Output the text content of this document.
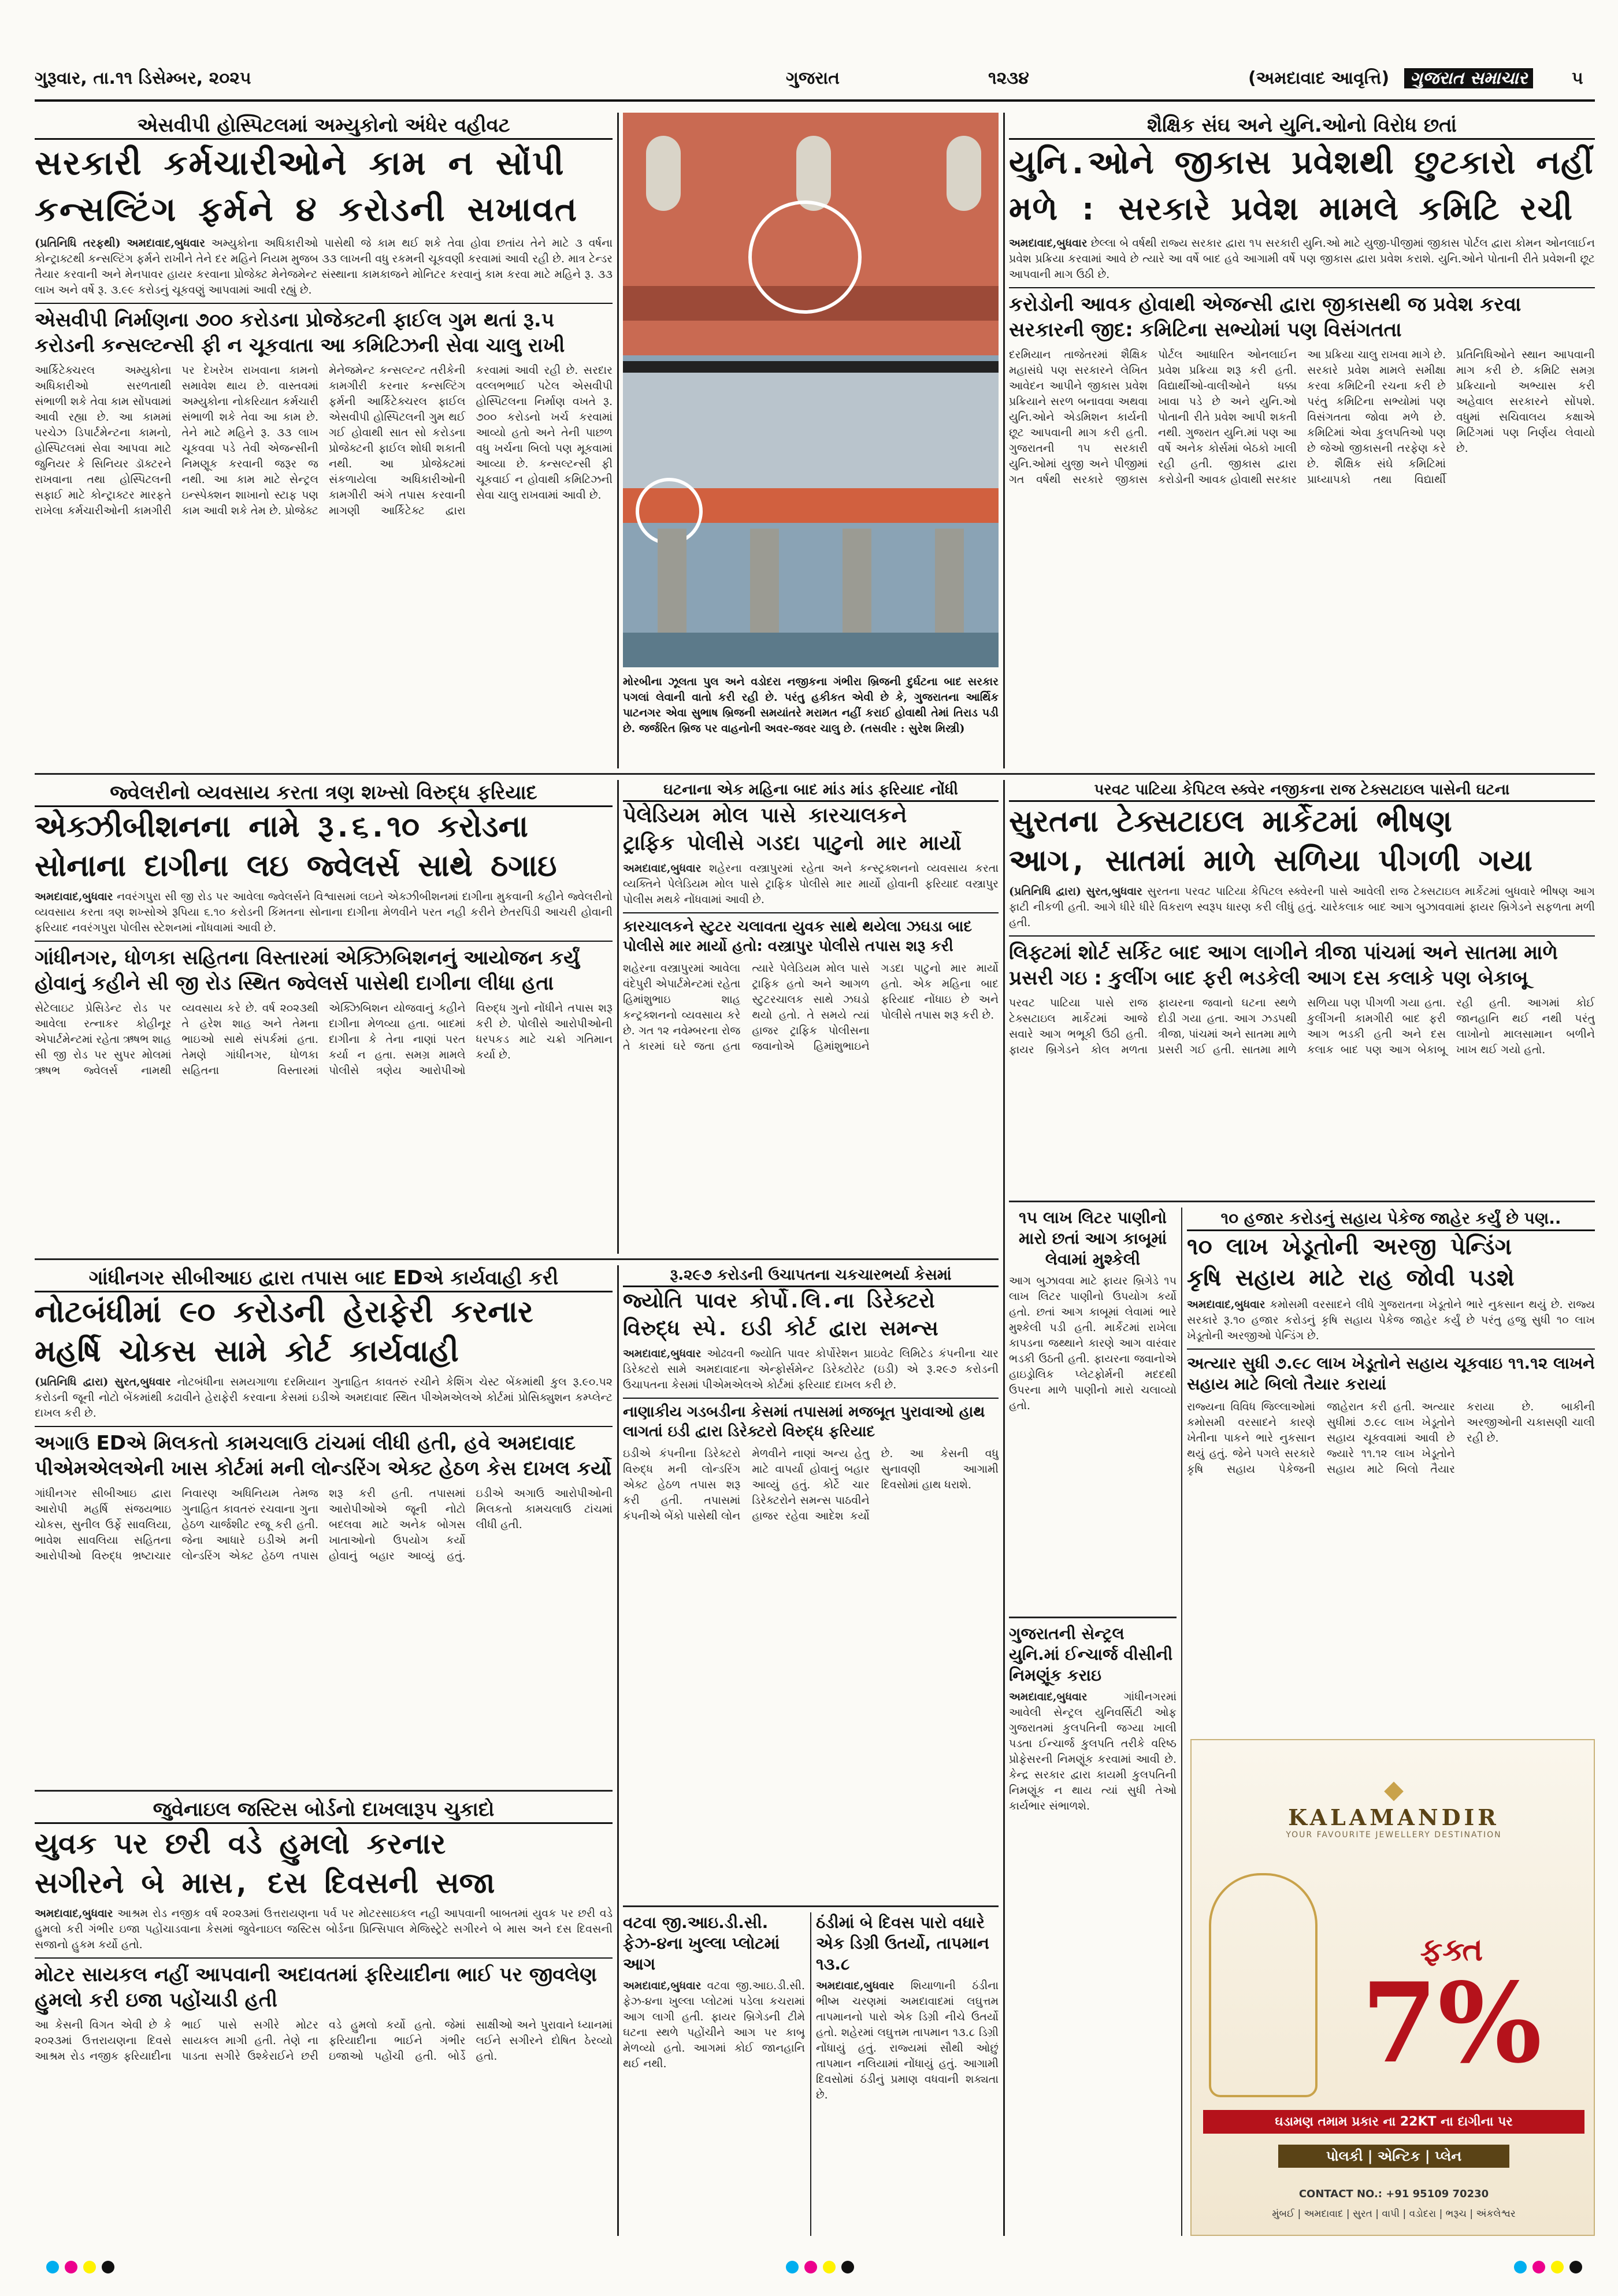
ગુરૂવાર, તા.૧૧ ડિસેમ્બર, ૨૦૨૫	ગુજરાત	૧૨૩૪	(અમદાવાદ આવૃત્તિ)	ગુજરાત સમાચાર	૫
એસવીપી હોસ્પિટલમાં અમ્યુકોનો અંધેર વહીવટ
સરકારી કર્મચારીઓને કામ ન સોંપી
કન્સલ્ટિંગ ફર્મને ૪ કરોડની સખાવત
(પ્રતિનિધિ તરફથી) અમદાવાદ,બુધવાર અમ્યુકોના અધિકારીઓ પાસેથી જે કામ થઈ શકે તેવા હોવા છતાંય તેને માટે ૩ વર્ષના કોન્ટ્રાક્ટથી કન્સલ્ટિંગ ફર્મને રાખીને તેને દર મહિને નિયમ મુજબ ૩૩ લાખની વધુ રકમની ચૂકવણી કરવામાં આવી રહી છે. માત્ર ટેન્ડર તૈયાર કરવાની અને મેનપાવર હાયર કરવાના પ્રોજેક્ટ મેનેજમેન્ટ સંસ્થાના કામકાજને મોનિટર કરવાનું કામ કરવા માટે મહિને રૂ. ૩૩ લાખ અને વર્ષે રૂ. ૩.૯૯ કરોડનું ચૂકવણું આપવામાં આવી રહ્યું છે.
એસવીપી નિર્માણના ૭૦૦ કરોડના પ્રોજેક્ટની ફાઈલ ગુમ થતાં રૂ.૫ કરોડની કન્સલ્ટન્સી ફી ન ચૂકવાતા આ કમિટિઝની સેવા ચાલુ રાખી
આર્કિટેક્ચરલ અમ્યુકોના અધિકારીઓ સરળતાથી સંભાળી શકે તેવા કામ સોંપવામાં આવી રહ્યા છે. આ કામમાં પરચેઝ ડિપાર્ટમેન્ટના કામનો, હોસ્પિટલમાં સેવા આપવા માટે જુનિયર કે સિનિયર ડૉક્ટરને રાખવાના તથા હોસ્પિટલની સફાઈ માટે કોન્ટ્રાક્ટર મારફતે રાખેલા કર્મચારીઓની કામગીરી પર દેખરેખ રાખવાના કામનો સમાવેશ થાય છે. વાસ્તવમાં અમ્યુકોના નોકરિયાત કર્મચારી સંભાળી શકે તેવા આ કામ છે. તેને માટે મહિને રૂ. ૩૩ લાખ ચૂકવવા પડે તેવી એજન્સીની નિમણૂક કરવાની જરૂર જ નથી. આ કામ માટે સેન્ટ્રલ ઇન્સ્પેક્શન શાખાનો સ્ટાફ પણ કામ આવી શકે તેમ છે. પ્રોજેક્ટ મેનેજમેન્ટ કન્સલ્ટન્ટ તરીકેની કામગીરી કરનાર કન્સલ્ટિંગ ફર્મની આર્કિટેક્ચરલ ફાઈલ એસવીપી હોસ્પિટલની ગુમ થઈ ગઈ હોવાથી સાત સો કરોડના પ્રોજેક્ટની ફાઈલ શોધી શકાતી નથી. આ પ્રોજેક્ટમાં સંકળાયેલા અધિકારીઓની કામગીરી અંગે તપાસ કરવાની માગણી આર્કિટેક્ટ દ્વારા કરવામાં આવી રહી છે. સરદાર વલ્લભભાઈ પટેલ એસવીપી હોસ્પિટલના નિર્માણ વખતે રૂ. ૭૦૦ કરોડનો ખર્ચ કરવામાં આવ્યો હતો અને તેની પાછળ વધુ ખર્ચના બિલો પણ મૂકવામાં આવ્યા છે. કન્સલ્ટન્સી ફી ચૂકવાઈ ન હોવાથી કમિટિઝની સેવા ચાલુ રાખવામાં આવી છે.
મોરબીના ઝૂલતા પુલ અને વડોદરા નજીકના ગંભીરા બ્રિજની દુર્ઘટના બાદ સરકાર પગલાં લેવાની વાતો કરી રહી છે. પરંતુ હકીકત એવી છે કે, ગુજરાતના આર્થિક પાટનગર એવા સુભાષ બ્રિજની સમયાંતરે મરામત નહીં કરાઈ હોવાથી તેમાં તિરાડ પડી છે. જર્જરિત બ્રિજ પર વાહનોની અવર-જવર ચાલુ છે. (તસવીર : સુરેશ મિસ્ત્રી)
શૈક્ષિક સંઘ અને યુનિ.ઓનો વિરોધ છતાં
યુનિ.ઓને જીકાસ પ્રવેશથી છુટકારો નહીં
મળે : સરકારે પ્રવેશ મામલે કમિટિ રચી
અમદાવાદ,બુધવાર છેલ્લા બે વર્ષથી રાજ્ય સરકાર દ્વારા ૧૫ સરકારી યુનિ.ઓ માટે યુજી-પીજીમાં જીકાસ પોર્ટલ દ્વારા કોમન ઓનલાઈન પ્રવેશ પ્રક્રિયા કરવામાં આવે છે ત્યારે આ વર્ષે બાદ હવે આગામી વર્ષે પણ જીકાસ દ્વારા પ્રવેશ કરાશે. યુનિ.ઓને પોતાની રીતે પ્રવેશની છૂટ આપવાની માગ ઉઠી છે.
કરોડોની આવક હોવાથી એજન્સી દ્વારા જીકાસથી જ પ્રવેશ કરવા સરકારની જીદ: કમિટિના સભ્યોમાં પણ વિસંગતતા
દરમિયાન તાજેતરમાં શૈક્ષિક મહાસંઘે પણ સરકારને લેખિત આવેદન આપીને જીકાસ પ્રવેશ પ્રક્રિયાને સરળ બનાવવા અથવા યુનિ.ઓને એડમિશન કાર્યની છૂટ આપવાની માગ કરી હતી. ગુજરાતની ૧૫ સરકારી યુનિ.ઓમાં યુજી અને પીજીમાં ગત વર્ષથી સરકારે જીકાસ પોર્ટલ આધારિત ઓનલાઈન પ્રવેશ પ્રક્રિયા શરૂ કરી હતી. વિદ્યાર્થીઓ-વાલીઓને ધક્કા ખાવા પડે છે અને યુનિ.ઓ પોતાની રીતે પ્રવેશ આપી શકતી નથી. ગુજરાત યુનિ.માં પણ આ વર્ષે અનેક કોર્સમાં બેઠકો ખાલી રહી હતી. જીકાસ દ્વારા કરોડોની આવક હોવાથી સરકાર આ પ્રક્રિયા ચાલુ રાખવા માગે છે. સરકારે પ્રવેશ મામલે સમીક્ષા કરવા કમિટિની રચના કરી છે પરંતુ કમિટિના સભ્યોમાં પણ વિસંગતતા જોવા મળે છે. કમિટિમાં એવા કુલપતિઓ પણ છે જેઓ જીકાસની તરફેણ કરે છે. શૈક્ષિક સંઘે કમિટિમાં પ્રાધ્યાપકો તથા વિદ્યાર્થી પ્રતિનિધિઓને સ્થાન આપવાની માગ કરી છે. કમિટિ સમગ્ર પ્રક્રિયાનો અભ્યાસ કરી અહેવાલ સરકારને સોંપશે. વધુમાં સચિવાલય કક્ષાએ મિટિંગમાં પણ નિર્ણય લેવાયો છે.
જ્વેલરીનો વ્યવસાય કરતા ત્રણ શખ્સો વિરુદ્ધ ફરિયાદ
એક્ઝીબીશનના નામે રૂ.૬.૧૦ કરોડના
સોનાના દાગીના લઇ જ્વેલર્સ સાથે ઠગાઇ
અમદાવાદ,બુધવાર નવરંગપુરા સી જી રોડ પર આવેલા જ્વેલર્સને વિશ્વાસમાં લઇને એક્ઝીબીશનમાં દાગીના મુકવાની કહીને જ્વેલરીનો વ્યવસાય કરતા ત્રણ શખ્સોએ રૂપિયા ૬.૧૦ કરોડની કિંમતના સોનાના દાગીના મેળવીને પરત નહી કરીને છેતરપિંડી આચરી હોવાની ફરિયાદ નવરંગપુરા પોલીસ સ્ટેશનમાં નોંધવામાં આવી છે.
ગાંધીનગર, ધોળકા સહિતના વિસ્તારમાં એક્ઝિબિશનનું આયોજન કર્યું હોવાનું કહીને સી જી રોડ સ્થિત જ્વેલર્સ પાસેથી દાગીના લીધા હતા
સેટેલાઇટ પ્રેસિડેન્ટ રોડ પર આવેલા રત્નાકર કોહીનૂર એપાર્ટમેન્ટમાં રહેતા ઋષભ શાહ સી જી રોડ પર સુપર મોલમાં ઋષભ જ્વેલર્સ નામથી વ્યવસાય કરે છે. વર્ષ ૨૦૨૩થી તે હરેશ શાહ અને તેમના ભાઇઓ સાથે સંપર્કમાં હતા. તેમણે ગાંધીનગર, ધોળકા સહિતના વિસ્તારમાં એક્ઝિબિશન યોજવાનું કહીને દાગીના મેળવ્યા હતા. બાદમાં દાગીના કે તેના નાણાં પરત કર્યા ન હતા. સમગ્ર મામલે પોલીસે ત્રણેય આરોપીઓ વિરુદ્ધ ગુનો નોંધીને તપાસ શરૂ કરી છે. પોલીસે આરોપીઓની ધરપકડ માટે ચક્રો ગતિમાન કર્યા છે.
ઘટનાના એક મહિના બાદ માંડ માંડ ફરિયાદ નોંધી
પેલેડિયમ મોલ પાસે કારચાલકને
ટ્રાફિક પોલીસે ગડદા પાટુનો માર માર્યો
અમદાવાદ,બુધવાર શહેરના વસ્ત્રાપુરમાં રહેતા અને કન્સ્ટ્રક્શનનો વ્યવસાય કરતા વ્યક્તિને પેલેડિયમ મોલ પાસે ટ્રાફિક પોલીસે માર માર્યો હોવાની ફરિયાદ વસ્ત્રાપુર પોલીસ મથકે નોંધવામાં આવી છે.
કારચાલકને સ્ટુટર ચલાવતા યુવક સાથે થયેલા ઝઘડા બાદ પોલીસે માર માર્યો હતો: વસ્ત્રાપુર પોલીસે તપાસ શરૂ કરી
શહેરના વસ્ત્રાપુરમાં આવેલા વંદેપુરી એપાર્ટમેન્ટમાં રહેતા હિમાંશુભાઇ શાહ કન્ટ્રક્શનનો વ્યવસાય કરે છે. ગત ૧૨ નવેમ્બરના રોજ તે કારમાં ઘરે જતા હતા ત્યારે પેલેડિયમ મોલ પાસે ટ્રાફિક હતો અને આગળ સ્ટુટરચાલક સાથે ઝઘડો થયો હતો. તે સમયે ત્યાં હાજર ટ્રાફિક પોલીસના જવાનોએ હિમાંશુભાઇને ગડદા પાટુનો માર માર્યો હતો. એક મહિના બાદ ફરિયાદ નોંધાઇ છે અને પોલીસે તપાસ શરૂ કરી છે.
પરવટ પાટિયા કેપિટલ સ્ક્વેર નજીકના રાજ ટેક્સટાઇલ પાસેની ઘટના
સુરતના ટેક્સટાઇલ માર્કેટમાં ભીષણ
આગ, સાતમાં માળે સળિયા પીગળી ગયા
(પ્રતિનિધિ દ્વારા) સુરત,બુધવાર સુરતના પરવટ પાટિયા કેપિટલ સ્ક્વેરની પાસે આવેલી રાજ ટેક્સટાઇલ માર્કેટમાં બુધવારે ભીષણ આગ ફાટી નીકળી હતી. આગે ધીરે ધીરે વિકરાળ સ્વરૂપ ધારણ કરી લીધું હતું. ચારેકલાક બાદ આગ બુઝાવવામાં ફાયર બ્રિગેડને સફળતા મળી હતી.
લિફ્ટમાં શોર્ટ સર્કિટ બાદ આગ લાગીને ત્રીજા પાંચમાં અને સાતમા માળે પ્રસરી ગઇ : કુલીંગ બાદ ફરી ભડકેલી આગ દસ કલાકે પણ બેકાબૂ
પરવટ પાટિયા પાસે રાજ ટેક્સટાઇલ માર્કેટમાં આજે સવારે આગ ભભૂકી ઉઠી હતી. ફાયર બ્રિગેડને કોલ મળતા ફાયરના જવાનો ઘટના સ્થળે દોડી ગયા હતા. આગ ઝડપથી ત્રીજા, પાંચમાં અને સાતમા માળે પ્રસરી ગઈ હતી. સાતમા માળે સળિયા પણ પીગળી ગયા હતા. કુલીંગની કામગીરી બાદ ફરી આગ ભડકી હતી અને દસ કલાક બાદ પણ આગ બેકાબૂ રહી હતી. આગમાં કોઈ જાનહાનિ થઈ નથી પરંતુ લાખોનો માલસામાન બળીને ખાખ થઈ ગયો હતો.
ગાંધીનગર સીબીઆઇ દ્વારા તપાસ બાદ EDએ કાર્યવાહી કરી
નોટબંધીમાં ૯૦ કરોડની હેરાફેરી કરનાર
મહર્ષિ ચોકસ સામે કોર્ટ કાર્યવાહી
(પ્રતિનિધિ દ્વારા) સુરત,બુધવાર નોટબંધીના સમયગાળા દરમિયાન ગુનાહિત કાવતરું રચીને કેશિંગ ચેસ્ટ બેંકમાંથી કુલ રૂ.૯૦.૫૨ કરોડની જૂની નોટો બેંકમાંથી કઢાવીને હેરાફેરી કરવાના કેસમાં ઇડીએ અમદાવાદ સ્થિત પીએમએલએ કોર્ટમાં પ્રોસિક્યુશન કમ્પ્લેન્ટ દાખલ કરી છે.
અગાઉ EDએ મિલકતો કામચલાઉ ટાંચમાં લીધી હતી, હવે અમદાવાદ પીએમએલએની ખાસ કોર્ટમાં મની લોન્ડરિંગ એક્ટ હેઠળ કેસ દાખલ કર્યો
ગાંધીનગર સીબીઆઇ દ્વારા આરોપી મહર્ષિ સંજયભાઇ ચોકસ, સુનીલ ઉર્ફે સાવલિયા, ભાવેશ સાવલિયા સહિતના આરોપીઓ વિરુદ્ધ ભ્રષ્ટાચાર નિવારણ અધિનિયમ તેમજ ગુનાહિત કાવતરું રચવાના ગુના હેઠળ ચાર્જશીટ રજૂ કરી હતી. જેના આધારે ઇડીએ મની લોન્ડરિંગ એક્ટ હેઠળ તપાસ શરૂ કરી હતી. તપાસમાં આરોપીઓએ જૂની નોટો બદલવા માટે અનેક બોગસ ખાતાઓનો ઉપયોગ કર્યો હોવાનું બહાર આવ્યું હતું. ઇડીએ અગાઉ આરોપીઓની મિલકતો કામચલાઉ ટાંચમાં લીધી હતી.
જુવેનાઇલ જસ્ટિસ બોર્ડનો દાખલારૂપ ચુકાદો
યુવક પર છરી વડે હુમલો કરનાર
સગીરને બે માસ, દસ દિવસની સજા
અમદાવાદ,બુધવાર આશ્રમ રોડ નજીક વર્ષ ૨૦૨૩માં ઉત્તરાયણના પર્વ પર મોટરસાઇકલ નહી આપવાની બાબતમાં યુવક પર છરી વડે હુમલો કરી ગંભીર ઇજા પહોંચાડવાના કેસમાં જુવેનાઇલ જસ્ટિસ બોર્ડના પ્રિન્સિપાલ મેજિસ્ટ્રેટે સગીરને બે માસ અને દસ દિવસની સજાનો હુકમ કર્યો હતો.
મોટર સાયકલ નહીં આપવાની અદાવતમાં ફરિયાદીના ભાઈ પર જીવલેણ હુમલો કરી ઇજા પહોંચાડી હતી
આ કેસની વિગત એવી છે કે ૨૦૨૩માં ઉત્તરાયણના દિવસે આશ્રમ રોડ નજીક ફરિયાદીના ભાઈ પાસે સગીરે મોટર સાયકલ માગી હતી. તેણે ના પાડતા સગીરે ઉશ્કેરાઈને છરી વડે હુમલો કર્યો હતો. જેમાં ફરિયાદીના ભાઈને ગંભીર ઇજાઓ પહોંચી હતી. બોર્ડે સાક્ષીઓ અને પુરાવાને ધ્યાનમાં લઈને સગીરને દોષિત ઠેરવ્યો હતો.
રૂ.૨૯૭ કરોડની ઉચાપતના ચકચારભર્યા કેસમાં
જ્યોતિ પાવર કોર્પો.લિ.ના ડિરેક્ટરો
વિરુદ્ધ સ્પે. ઇડી કોર્ટ દ્વારા સમન્સ
અમદાવાદ,બુધવાર ઓઢવની જ્યોતિ પાવર કોર્પોરેશન પ્રાઇવેટ લિમિટેડ કંપનીના ચાર ડિરેક્ટરો સામે અમદાવાદના એન્ફોર્સમેન્ટ ડિરેક્ટોરેટ (ઇડી) એ રૂ.૨૯૭ કરોડની ઉચાપતના કેસમાં પીએમએલએ કોર્ટમાં ફરિયાદ દાખલ કરી છે.
નાણાકીય ગડબડીના કેસમાં તપાસમાં મજબૂત પુરાવાઓ હાથ લાગતાં ઇડી દ્વારા ડિરેક્ટરો વિરુદ્ધ ફરિયાદ
ઇડીએ કંપનીના ડિરેક્ટરો વિરુદ્ધ મની લોન્ડરિંગ એક્ટ હેઠળ તપાસ શરૂ કરી હતી. તપાસમાં કંપનીએ બેંકો પાસેથી લોન મેળવીને નાણાં અન્ય હેતુ માટે વાપર્યા હોવાનું બહાર આવ્યું હતું. કોર્ટે ચાર ડિરેક્ટરોને સમન્સ પાઠવીને હાજર રહેવા આદેશ કર્યો છે. આ કેસની વધુ સુનાવણી આગામી દિવસોમાં હાથ ધરાશે.
વટવા જી.આઇ.ડી.સી. ફેઝ-૪ના ખુલ્લા પ્લોટમાં આગ
અમદાવાદ,બુધવાર વટવા જી.આઇ.ડી.સી. ફેઝ-૪ના ખુલ્લા પ્લોટમાં પડેલા કચરામાં આગ લાગી હતી. ફાયર બ્રિગેડની ટીમે ઘટના સ્થળે પહોંચીને આગ પર કાબૂ મેળવ્યો હતો. આગમાં કોઈ જાનહાનિ થઈ નથી.
ઠંડીમાં બે દિવસ પારો વધારે એક ડિગ્રી ઉતર્યો, તાપમાન ૧૩.૮
અમદાવાદ,બુધવાર શિયાળાની ઠંડીના ભીષ્મ ચરણમાં અમદાવાદમાં લઘુત્તમ તાપમાનનો પારો એક ડિગ્રી નીચે ઉતર્યો હતો. શહેરમાં લઘુત્તમ તાપમાન ૧૩.૮ ડિગ્રી નોંધાયું હતું. રાજ્યમાં સૌથી ઓછું તાપમાન નલિયામાં નોંધાયું હતું. આગામી દિવસોમાં ઠંડીનું પ્રમાણ વધવાની શક્યતા છે.
૧૫ લાખ લિટર પાણીનો મારો છતાં આગ કાબૂમાં લેવામાં મુશ્કેલી
આગ બુઝાવવા માટે ફાયર બ્રિગેડે ૧૫ લાખ લિટર પાણીનો ઉપયોગ કર્યો હતો. છતાં આગ કાબૂમાં લેવામાં ભારે મુશ્કેલી પડી હતી. માર્કેટમાં રાખેલા કાપડના જથ્થાને કારણે આગ વારંવાર ભડકી ઉઠતી હતી. ફાયરના જવાનોએ હાઇડ્રોલિક પ્લેટફોર્મની મદદથી ઉપરના માળે પાણીનો મારો ચલાવ્યો હતો.
ગુજરાતની સેન્ટ્રલ યુનિ.માં ઈન્ચાર્જ વીસીની નિમણૂંક કરાઇ
અમદાવાદ,બુધવાર	ગાંધીનગરમાં આવેલી સેન્ટ્રલ યુનિવર્સિટી ઓફ ગુજરાતમાં કુલપતિની જગ્યા ખાલી પડતા ઈન્ચાર્જ કુલપતિ તરીકે વરિષ્ઠ પ્રોફેસરની નિમણૂંક કરવામાં આવી છે. કેન્દ્ર સરકાર દ્વારા કાયમી કુલપતિની નિમણૂંક ન થાય ત્યાં સુધી તેઓ કાર્યભાર સંભાળશે.
૧૦ હજાર કરોડનું સહાય પેકેજ જાહેર કર્યું છે પણ..
૧૦ લાખ ખેડૂતોની અરજી પેન્ડિંગ
કૃષિ સહાય માટે રાહ જોવી પડશે
અમદાવાદ,બુધવાર કમોસમી વરસાદને લીધે ગુજરાતના ખેડૂતોને ભારે નુકસાન થયું છે. રાજ્ય સરકારે રૂ.૧૦ હજાર કરોડનું કૃષિ સહાય પેકેજ જાહેર કર્યું છે પરંતુ હજુ સુધી ૧૦ લાખ ખેડૂતોની અરજીઓ પેન્ડિંગ છે.
અત્યાર સુધી ૭.૯૮ લાખ ખેડૂતોને સહાય ચૂકવાઇ ૧૧.૧૨ લાખને સહાય માટે બિલો તૈયાર કરાયાં
રાજ્યના વિવિધ જિલ્લાઓમાં કમોસમી વરસાદને કારણે ખેતીના પાકને ભારે નુકસાન થયું હતું. જેને પગલે સરકારે કૃષિ સહાય પેકેજની જાહેરાત કરી હતી. અત્યાર સુધીમાં ૭.૯૮ લાખ ખેડૂતોને સહાય ચૂકવવામાં આવી છે જ્યારે ૧૧.૧૨ લાખ ખેડૂતોને સહાય માટે બિલો તૈયાર કરાયા છે. બાકીની અરજીઓની ચકાસણી ચાલી રહી છે.
◆
KALAMANDIR
YOUR FAVOURITE JEWELLERY DESTINATION
ફક્ત
7%
ઘડામણ તમામ પ્રકાર ના 22KT ના દાગીના પર
પોલકી | એન્ટિક | પ્લેન
CONTACT NO.: +91 95109 70230
મુંબઈ | અમદાવાદ | સુરત | વાપી | વડોદરા | ભરૂચ | અંકલેશ્વર
